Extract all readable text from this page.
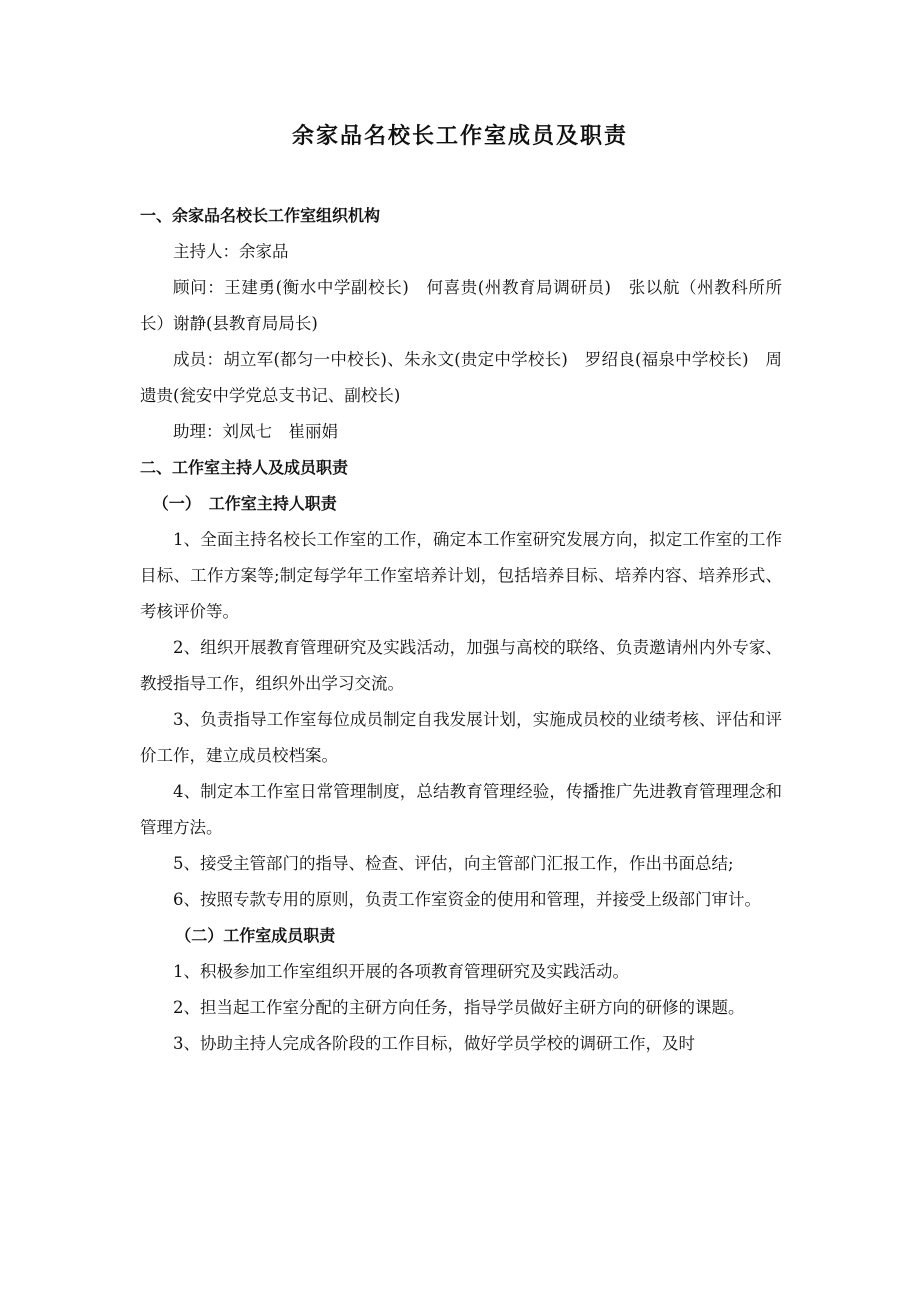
余家品名校长工作室成员及职责

一、余家品名校长工作室组织机构

主持人：余家品

顾问：王建勇(衡水中学副校长)　何喜贵(州教育局调研员)　张以航（州教科所所长）谢静(县教育局局长)

成员：胡立军(都匀一中校长)、朱永文(贵定中学校长)　罗绍良(福泉中学校长)　周遗贵(瓮安中学党总支书记、副校长)

助理：刘凤七　崔丽娟

二、工作室主持人及成员职责

（一）　工作室主持人职责

1、全面主持名校长工作室的工作，确定本工作室研究发展方向，拟定工作室的工作目标、工作方案等;制定每学年工作室培养计划，包括培养目标、培养内容、培养形式、考核评价等。

2、组织开展教育管理研究及实践活动，加强与高校的联络、负责邀请州内外专家、教授指导工作，组织外出学习交流。

3、负责指导工作室每位成员制定自我发展计划，实施成员校的业绩考核、评估和评价工作，建立成员校档案。

4、制定本工作室日常管理制度，总结教育管理经验，传播推广先进教育管理理念和管理方法。

5、接受主管部门的指导、检查、评估，向主管部门汇报工作，作出书面总结;

6、按照专款专用的原则，负责工作室资金的使用和管理，并接受上级部门审计。

（二）工作室成员职责

1、积极参加工作室组织开展的各项教育管理研究及实践活动。

2、担当起工作室分配的主研方向任务，指导学员做好主研方向的研修的课题。

3、协助主持人完成各阶段的工作目标，做好学员学校的调研工作，及时
